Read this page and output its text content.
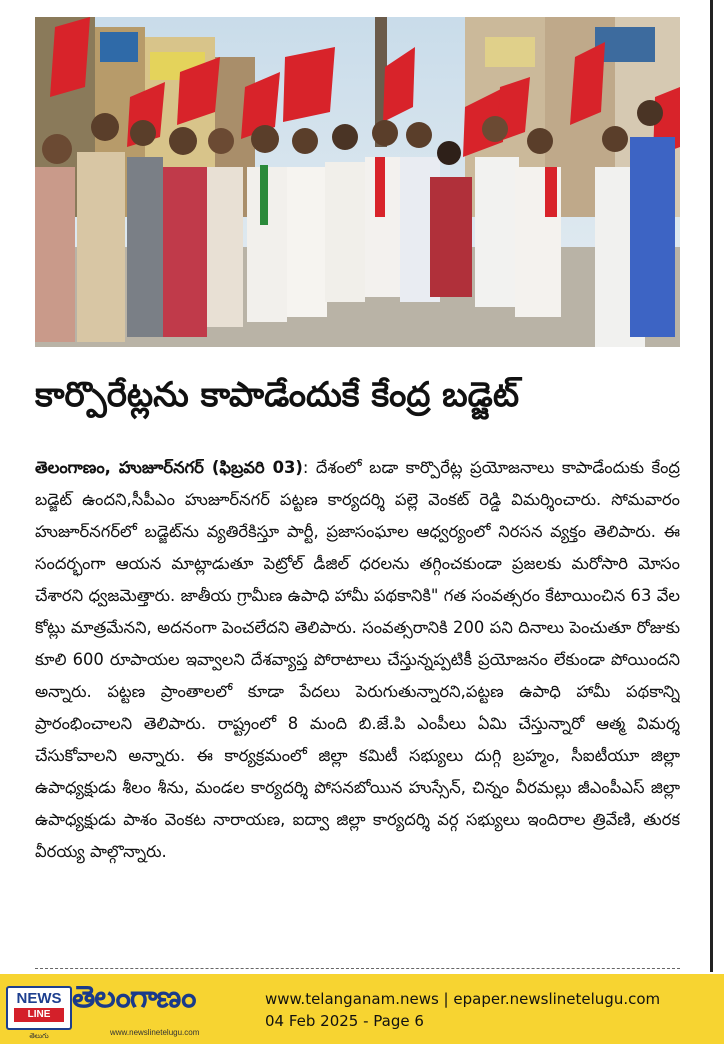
కార్పొరేట్లను కాపాడేందుకే కేంద్ర బడ్జెట్
తెలంగాణం, హుజూర్‌నగర్ (ఫిబ్రవరి 03): దేశంలో బడా కార్పొరేట్ల ప్రయోజనాలు కాపాడేందుకు కేంద్ర బడ్జెట్ ఉందని,సీపీఎం హుజూర్‌నగర్ పట్టణ కార్యదర్శి పల్లె వెంకట్ రెడ్డి విమర్శించారు. సోమవారం హుజూర్‌నగర్‌లో బడ్జెట్‌ను వ్యతిరేకిస్తూ పార్టీ, ప్రజాసంఘాల ఆధ్వర్యంలో నిరసన వ్యక్తం తెలిపారు. ఈ సందర్భంగా ఆయన మాట్లాడుతూ పెట్రోల్ డీజిల్ ధరలను తగ్గించకుండా ప్రజలకు మరోసారి మోసం చేశారని ధ్వజమెత్తారు. జాతీయ గ్రామీణ ఉపాధి హామీ పథకానికి" గత సంవత్సరం కేటాయించిన 63 వేల కోట్లు మాత్రమేనని, అదనంగా పెంచలేదని తెలిపారు. సంవత్సరానికి 200 పని దినాలు పెంచుతూ రోజుకు కూలి 600 రూపాయల ఇవ్వాలని దేశవ్యాప్త పోరాటాలు చేస్తున్నప్పటికీ ప్రయోజనం లేకుండా పోయిందని అన్నారు. పట్టణ ప్రాంతాలలో కూడా పేదలు పెరుగుతున్నారని,పట్టణ ఉపాధి హామీ పథకాన్ని ప్రారంభించాలని తెలిపారు. రాష్ట్రంలో 8 మంది బి.జే.పి ఎంపీలు ఏమి చేస్తున్నారో ఆత్మ విమర్శ చేసుకోవాలని అన్నారు. ఈ కార్యక్రమంలో జిల్లా కమిటీ సభ్యులు దుగ్గి బ్రహ్మం, సీఐటీయూ జిల్లా ఉపాధ్యక్షుడు శీలం శీను, మండల కార్యదర్శి పోసనబోయిన హుస్సేన్, చిన్నం వీరమల్లు జీఎంపీఎస్ జిల్లా ఉపాధ్యక్షుడు పాశం వెంకట నారాయణ, ఐద్వా జిల్లా కార్యదర్శి వర్గ సభ్యులు ఇందిరాల త్రివేణి, తురక వీరయ్య పాల్గొన్నారు.
NEWS
LINE
తెలుగు
తెలంగాణం
www.newslinetelugu.com
www.telanganam.news | epaper.newslinetelugu.com
04 Feb 2025 - Page 6
